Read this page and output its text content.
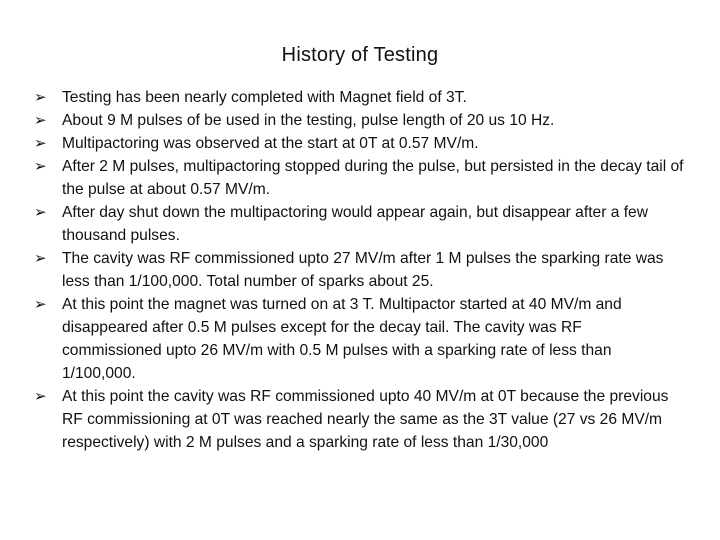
History of Testing
➢ Testing has been nearly completed with Magnet field of 3T.
➢ About 9 M pulses of be used in the testing, pulse length of 20 us 10 Hz.
➢ Multipactoring was observed at the start at 0T at 0.57 MV/m.
➢ After 2 M pulses, multipactoring stopped during the pulse, but persisted in the decay tail of the pulse at about 0.57 MV/m.
➢ After day shut down the multipactoring would appear again, but disappear after a few thousand pulses.
➢ The cavity was RF commissioned upto 27 MV/m after 1 M pulses the sparking rate was less than 1/100,000. Total number of sparks about 25.
➢ At this point the magnet was turned on at 3 T. Multipactor started at 40 MV/m and disappeared after 0.5 M pulses except for the decay tail. The cavity was RF commissioned upto 26 MV/m with 0.5 M pulses with a sparking rate of less than 1/100,000.
➢ At this point the cavity was RF commissioned upto 40 MV/m at 0T because the previous RF commissioning at 0T was reached nearly the same as the 3T value (27 vs 26 MV/m respectively) with 2 M pulses and a sparking rate of less than 1/30,000
